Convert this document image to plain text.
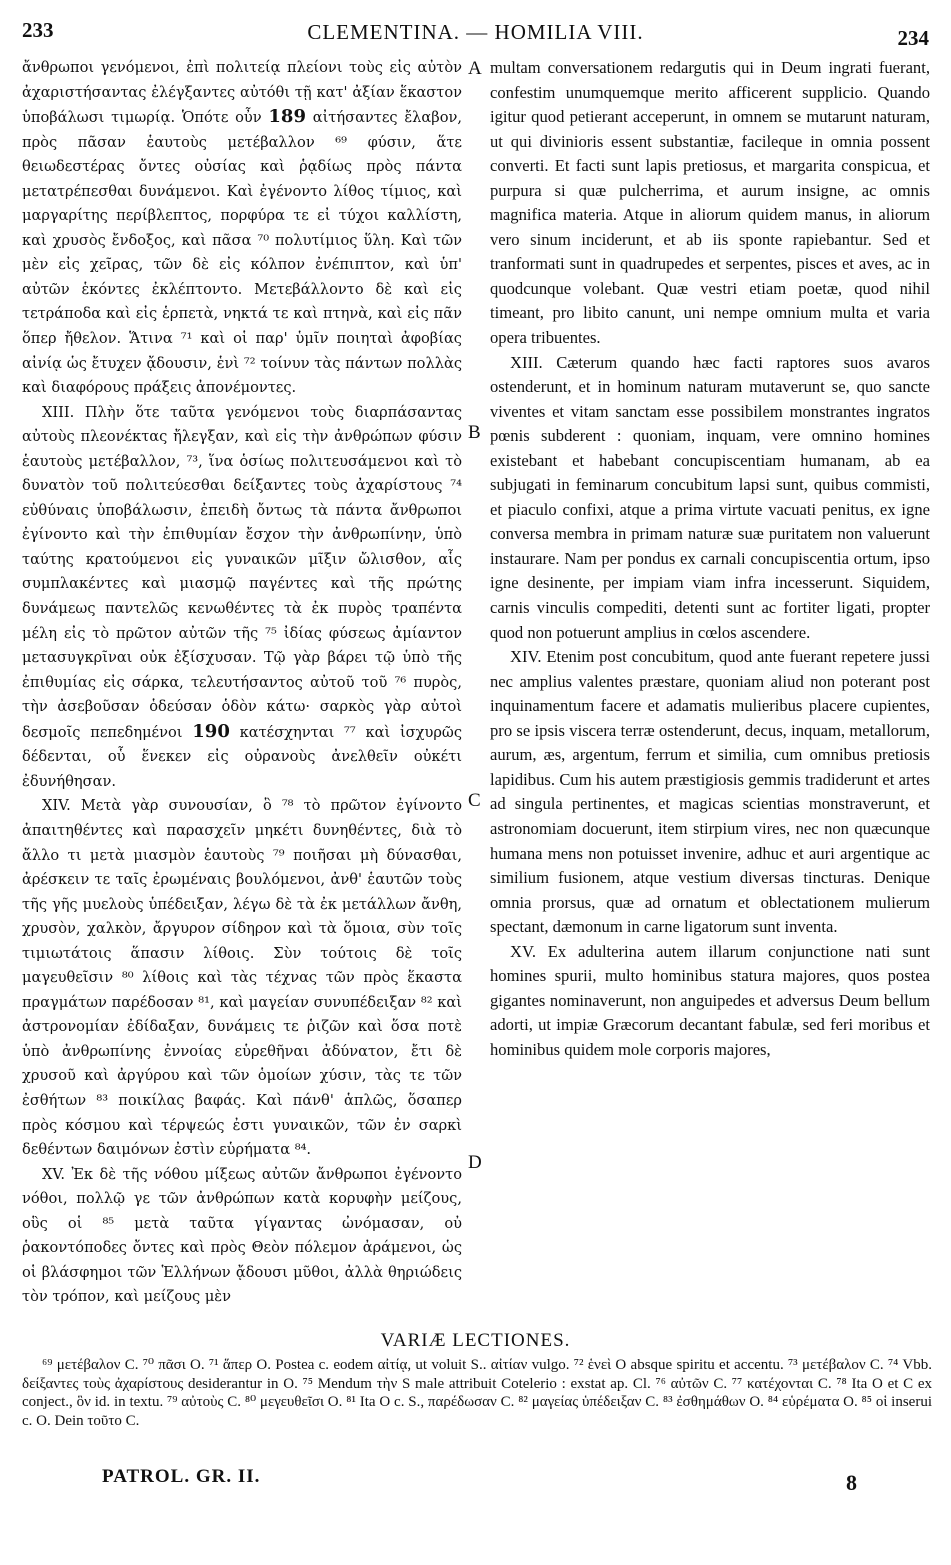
233	CLEMENTINA. — HOMILIA VIII.	234

ἄνθρωποι γενόμενοι, ἐπὶ πολιτείᾳ πλείονι τοὺς εἰς αὐτὸν ἀχαριστήσαντας ἐλέγξαντες αὐτόθι τῇ κατ' ἀξίαν ἕκαστον ὑποβάλωσι τιμωρίᾳ. Ὁπότε οὖν 189 αἰτήσαντες ἔλαβον, πρὸς πᾶσαν ἑαυτοὺς μετέβαλλον ⁶⁹ φύσιν, ἅτε θειωδεστέρας ὄντες οὐσίας καὶ ῥᾳδίως πρὸς πάντα μετατρέπεσθαι δυνάμενοι. Καὶ ἐγένοντο λίθος τίμιος, καὶ μαργαρίτης περίβλεπτος, πορφύρα τε εἰ τύχοι καλλίστη, καὶ χρυσὸς ἔνδοξος, καὶ πᾶσα ⁷⁰ πολυτίμιος ὕλη. Καὶ τῶν μὲν εἰς χεῖρας, τῶν δὲ εἰς κόλπον ἐνέπιπτον, καὶ ὑπ' αὐτῶν ἑκόντες ἐκλέπτοντο. Μετεβάλλοντο δὲ καὶ εἰς τετράποδα καὶ εἰς ἑρπετὰ, νηκτά τε καὶ πτηνὰ, καὶ εἰς πᾶν ὅπερ ἤθελον. Ἅτινα ⁷¹ καὶ οἱ παρ' ὑμῖν ποιηταὶ ἀφοβίας αἰνίᾳ ὡς ἔτυχεν ᾄδουσιν, ἑνὶ ⁷² τοίνυν τὰς πάντων πολλὰς καὶ διαφόρους πράξεις ἀπονέμοντες.

XIII. Πλὴν ὅτε ταῦτα γενόμενοι τοὺς διαρπάσαντας αὐτοὺς πλεονέκτας ἤλεγξαν, καὶ εἰς τὴν ἀνθρώπων φύσιν ἑαυτοὺς μετέβαλλον, ⁷³, ἵνα ὁσίως πολιτευσάμενοι καὶ τὸ δυνατὸν τοῦ πολιτεύεσθαι δείξαντες τοὺς ἀχαρίστους ⁷⁴ εὐθύναις ὑποβάλωσιν, ἐπειδὴ ὄντως τὰ πάντα ἄνθρωποι ἐγίνοντο καὶ τὴν ἐπιθυμίαν ἔσχον τὴν ἀνθρωπίνην, ὑπὸ ταύτης κρατούμενοι εἰς γυναικῶν μῖξιν ὤλισθον, αἷς συμπλακέντες καὶ μιασμῷ παγέντες καὶ τῆς πρώτης δυνάμεως παντελῶς κενωθέντες τὰ ἐκ πυρὸς τραπέντα μέλη εἰς τὸ πρῶτον αὐτῶν τῆς ⁷⁵ ἰδίας φύσεως ἀμίαντον μετασυγκρῖναι οὐκ ἐξίσχυσαν. Τῷ γὰρ βάρει τῷ ὑπὸ τῆς ἐπιθυμίας εἰς σάρκα, τελευτήσαντος αὐτοῦ τοῦ ⁷⁶ πυρὸς, τὴν ἀσεβοῦσαν ὁδεύσαν ὁδὸν κάτω· σαρκὸς γὰρ αὐτοὶ δεσμοῖς πεπεδημένοι 190 κατέσχηνται ⁷⁷ καὶ ἰσχυρῶς δέδενται, οὗ ἕνεκεν εἰς οὐρανοὺς ἀνελθεῖν οὐκέτι ἐδυνήθησαν.

XIV. Μετὰ γὰρ συνουσίαν, ὃ ⁷⁸ τὸ πρῶτον ἐγίνοντο ἀπαιτηθέντες καὶ παρασχεῖν μηκέτι δυνηθέντες, διὰ τὸ ἄλλο τι μετὰ μιασμὸν ἑαυτοὺς ⁷⁹ ποιῆσαι μὴ δύνασθαι, ἀρέσκειν τε ταῖς ἐρωμέναις βουλόμενοι, ἀνθ' ἑαυτῶν τοὺς τῆς γῆς μυελοὺς ὑπέδειξαν, λέγω δὲ τὰ ἐκ μετάλλων ἄνθη, χρυσὸν, χαλκὸν, ἄργυρον σίδηρον καὶ τὰ ὅμοια, σὺν τοῖς τιμιωτάτοις ἅπασιν λίθοις. Σὺν τούτοις δὲ τοῖς μαγευθεῖσιν ⁸⁰ λίθοις καὶ τὰς τέχνας τῶν πρὸς ἕκαστα πραγμάτων παρέδοσαν ⁸¹, καὶ μαγείαν συνυπέδειξαν ⁸² καὶ ἀστρονομίαν ἐδίδαξαν, δυνάμεις τε ῥιζῶν καὶ ὅσα ποτὲ ὑπὸ ἀνθρωπίνης ἐννοίας εὑρεθῆναι ἀδύνατον, ἔτι δὲ χρυσοῦ καὶ ἀργύρου καὶ τῶν ὁμοίων χύσιν, τὰς τε τῶν ἐσθήτων ⁸³ ποικίλας βαφάς. Καὶ πάνθ' ἁπλῶς, ὅσαπερ πρὸς κόσμου καὶ τέρψεώς ἐστι γυναικῶν, τῶν ἐν σαρκὶ δεθέντων δαιμόνων ἐστὶν εὑρήματα ⁸⁴.

XV. Ἐκ δὲ τῆς νόθου μίξεως αὐτῶν ἄνθρωποι ἐγένοντο νόθοι, πολλῷ γε τῶν ἀνθρώπων κατὰ κορυφὴν μείζους, οὓς οἱ ⁸⁵ μετὰ ταῦτα γίγαντας ὠνόμασαν, οὐ ῥακοντόποδες ὄντες καὶ πρὸς Θεὸν πόλεμον ἀράμενοι, ὡς οἱ βλάσφημοι τῶν Ἑλλήνων ᾄδουσι μῦθοι, ἀλλὰ θηριώδεις τὸν τρόπον, καὶ μείζους μὲν

A
B
C
D

multam conversationem redargutis qui in Deum ingrati fuerant, confestim unumquemque merito afficerent supplicio. Quando igitur quod petierant acceperunt, in omnem se mutarunt naturam, ut qui divinioris essent substantiæ, facileque in omnia possent converti. Et facti sunt lapis pretiosus, et margarita conspicua, et purpura si quæ pulcherrima, et aurum insigne, ac omnis magnifica materia. Atque in aliorum quidem manus, in aliorum vero sinum inciderunt, et ab iis sponte rapiebantur. Sed et tranformati sunt in quadrupedes et serpentes, pisces et aves, ac in quodcunque volebant. Quæ vestri etiam poetæ, quod nihil timeant, pro libito canunt, uni nempe omnium multa et varia opera tribuentes.

XIII. Cæterum quando hæc facti raptores suos avaros ostenderunt, et in hominum naturam mutaverunt se, quo sancte viventes et vitam sanctam esse possibilem monstrantes ingratos pœnis subderent : quoniam, inquam, vere omnino homines existebant et habebant concupiscentiam humanam, ab ea subjugati in feminarum concubitum lapsi sunt, quibus commisti, et piaculo confixi, atque a prima virtute vacuati penitus, ex igne conversa membra in primam naturæ suæ puritatem non valuerunt instaurare. Nam per pondus ex carnali concupiscentia ortum, ipso igne desinente, per impiam viam infra incesserunt. Siquidem, carnis vinculis compediti, detenti sunt ac fortiter ligati, propter quod non potuerunt amplius in cœlos ascendere.

XIV. Etenim post concubitum, quod ante fuerant repetere jussi nec amplius valentes præstare, quoniam aliud non poterant post inquinamentum facere et adamatis mulieribus placere cupientes, pro se ipsis viscera terræ ostenderunt, decus, inquam, metallorum, aurum, æs, argentum, ferrum et similia, cum omnibus pretiosis lapidibus. Cum his autem præstigiosis gemmis tradiderunt et artes ad singula pertinentes, et magicas scientias monstraverunt, et astronomiam docuerunt, item stirpium vires, nec non quæcunque humana mens non potuisset invenire, adhuc et auri argentique ac similium fusionem, atque vestium diversas tincturas. Denique omnia prorsus, quæ ad ornatum et oblectationem mulierum spectant, dæmonum in carne ligatorum sunt inventa.

XV. Ex adulterina autem illarum conjunctione nati sunt homines spurii, multo hominibus statura majores, quos postea gigantes nominaverunt, non anguipedes et adversus Deum bellum adorti, ut impiæ Græcorum decantant fabulæ, sed feri moribus et hominibus quidem mole corporis majores,

VARIÆ LECTIONES.

⁶⁹ μετέβαλον C. ⁷⁰ πᾶσι O. ⁷¹ ἅπερ O. Postea c. eodem αἰτίᾳ, ut voluit S.. αἰτίαν vulgo. ⁷² ἑνεὶ O absque spiritu et accentu. ⁷³ μετέβαλον C. ⁷⁴ Vbb. δείξαντες τοὺς ἀχαρίστους desiderantur in O. ⁷⁵ Mendum τὴν S male attribuit Cotelerio : exstat ap. Cl. ⁷⁶ αὐτῶν C. ⁷⁷ κατέχονται C. ⁷⁸ Ita O et C ex conject., ὃν id. in textu. ⁷⁹ αὐτοὺς C. ⁸⁰ μεγευθεῖσι O. ⁸¹ Ita O c. S., παρέδωσαν C. ⁸² μαγείας ὑπέδειξαν C. ⁸³ ἐσθημάθων O. ⁸⁴ εὑρέματα O. ⁸⁵ οἱ inserui c. O. Dein τοῦτο C.

PATROL. GR. II.	8
